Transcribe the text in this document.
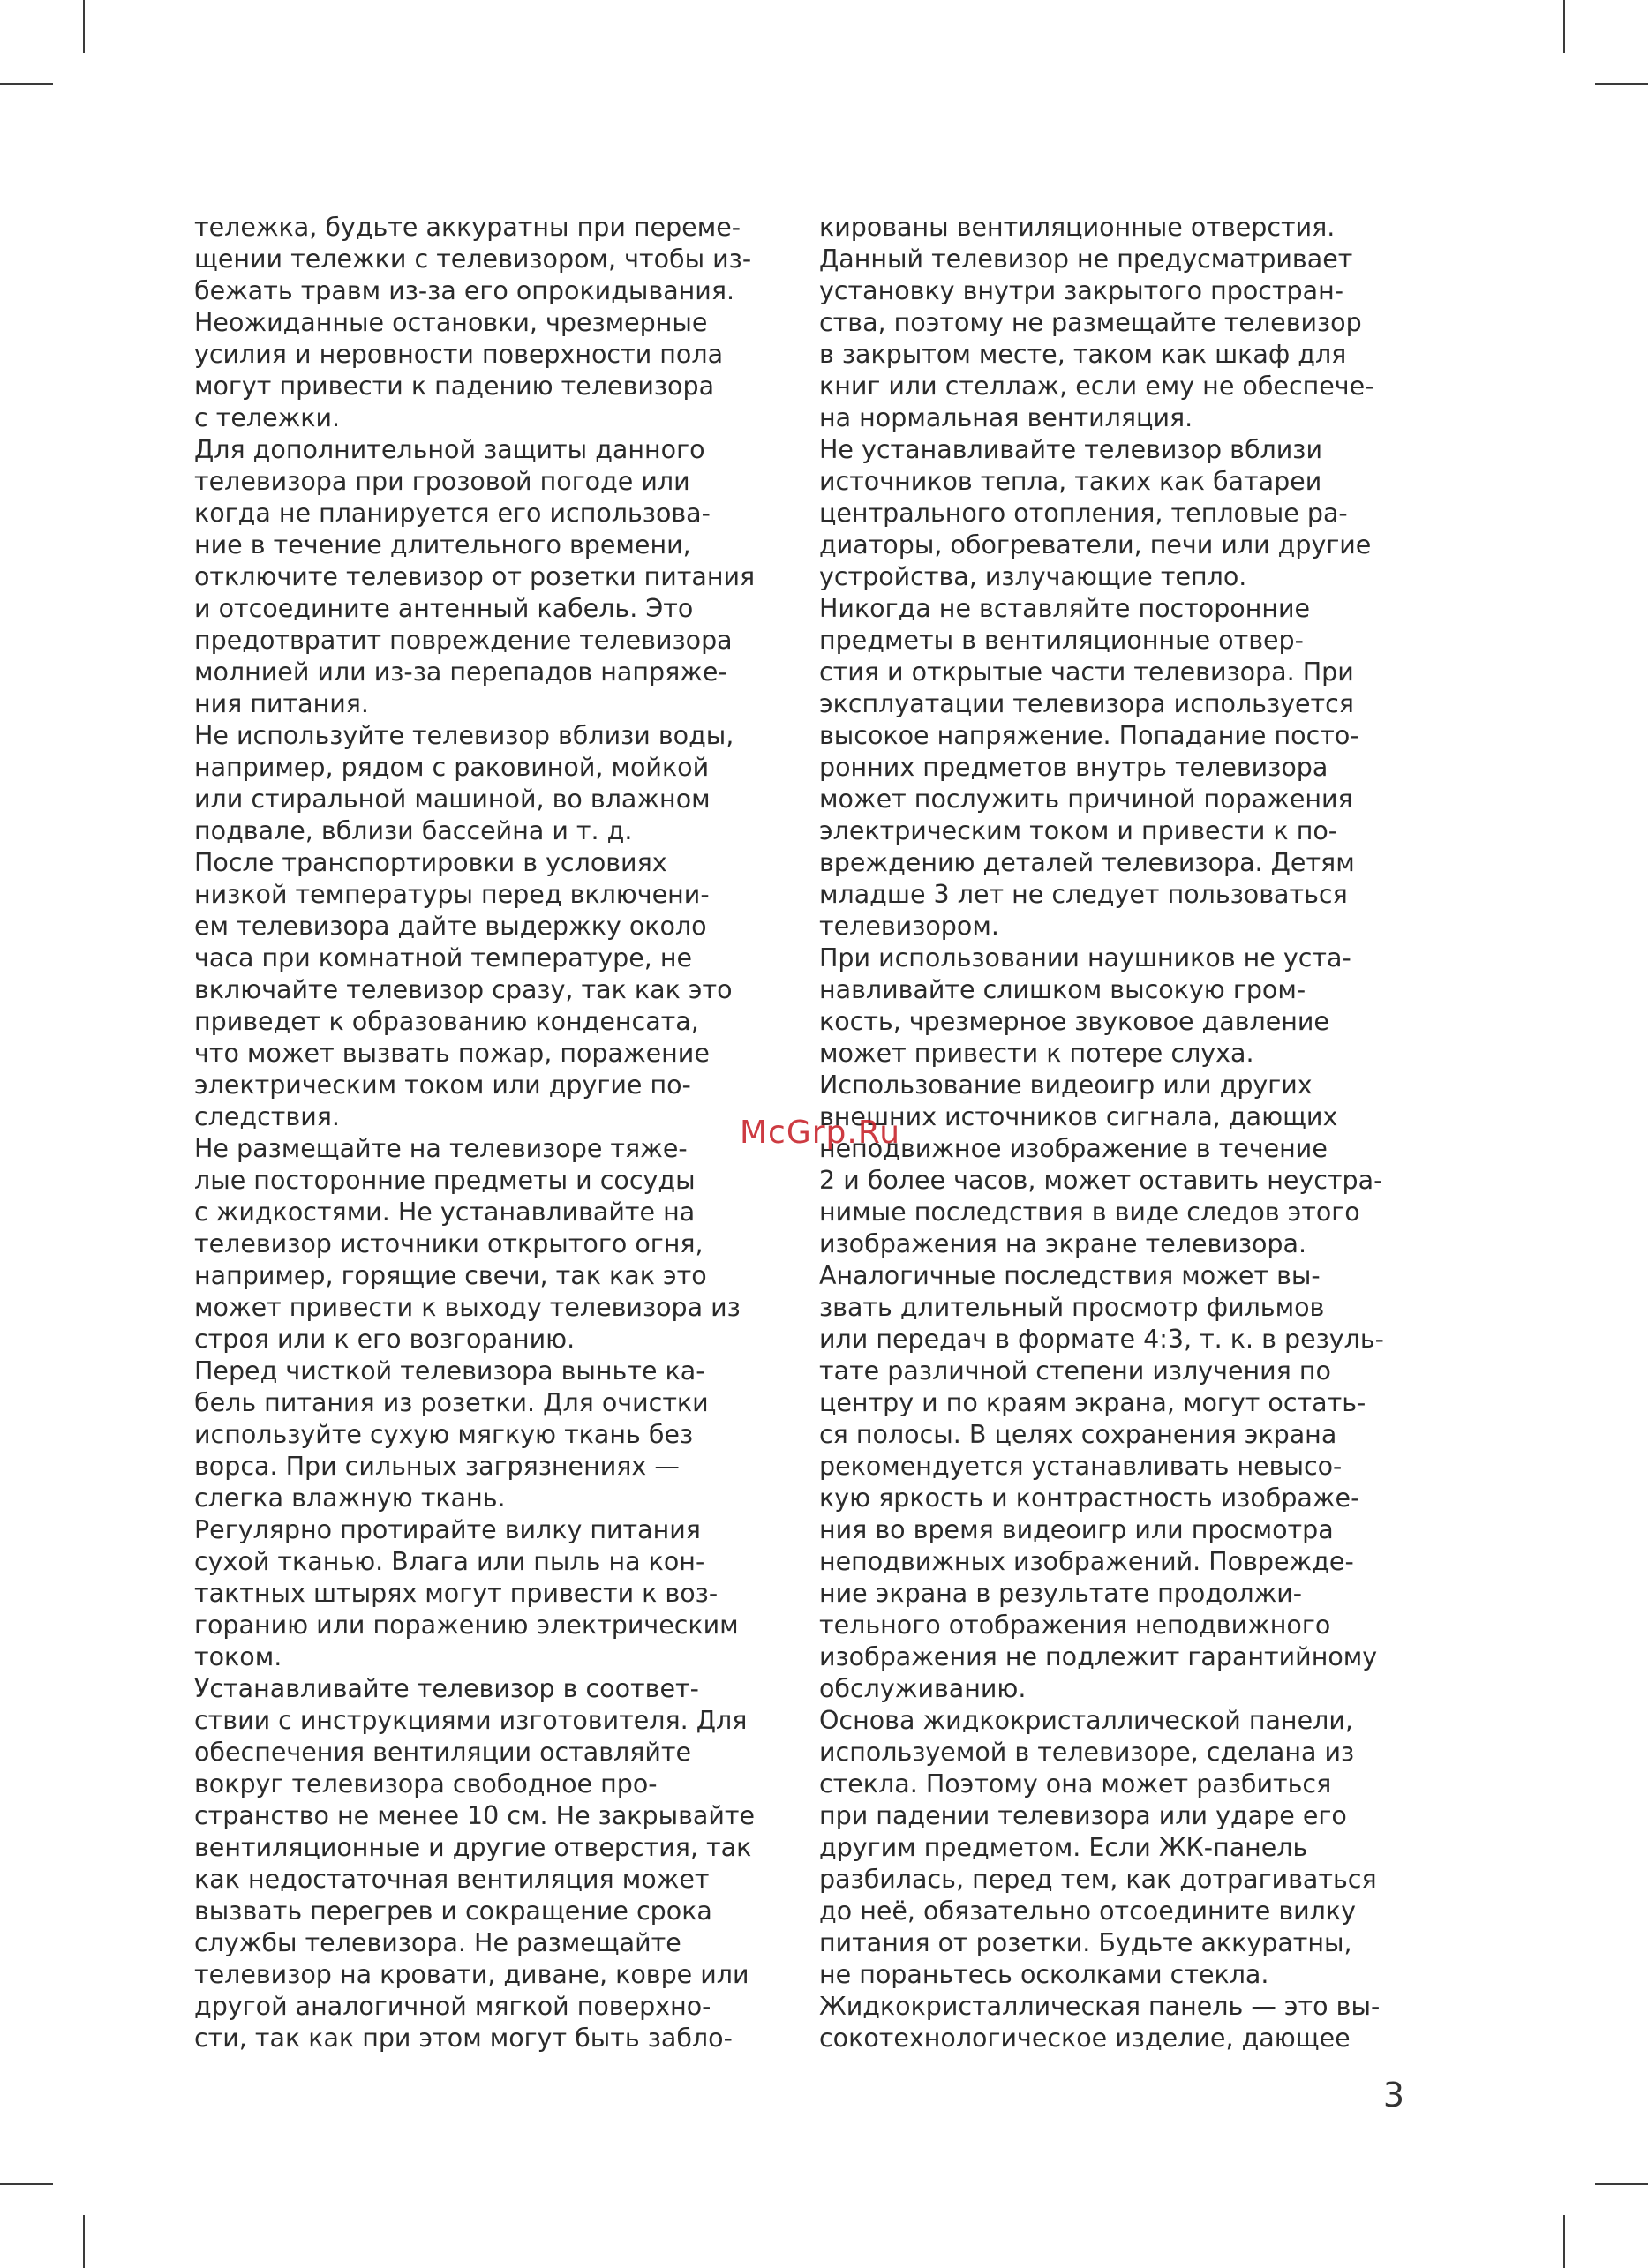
тележка, будьте аккуратны при переме-
щении тележки с телевизором, чтобы из-
бежать травм из-за его опрокидывания.
Неожиданные остановки, чрезмерные
усилия и неровности поверхности пола
могут привести к падению телевизора
с тележки.
Для дополнительной защиты данного
телевизора при грозовой погоде или
когда не планируется его использова-
ние в течение длительного времени,
отключите телевизор от розетки питания
и отсоедините антенный кабель. Это
предотвратит повреждение телевизора
молнией или из-за перепадов напряже-
ния питания.
Не используйте телевизор вблизи воды,
например, рядом с раковиной, мойкой
или стиральной машиной, во влажном
подвале, вблизи бассейна и т. д.
После транспортировки в условиях
низкой температуры перед включени-
ем телевизора дайте выдержку около
часа при комнатной температуре, не
включайте телевизор сразу, так как это
приведет к образованию конденсата,
что может вызвать пожар, поражение
электрическим током или другие по-
следствия.
Не размещайте на телевизоре тяже-
лые посторонние предметы и сосуды
с жидкостями. Не устанавливайте на
телевизор источники открытого огня,
например, горящие свечи, так как это
может привести к выходу телевизора из
строя или к его возгоранию.
Перед чисткой телевизора выньте ка-
бель питания из розетки. Для очистки
используйте сухую мягкую ткань без
ворса. При сильных загрязнениях —
слегка влажную ткань.
Регулярно протирайте вилку питания
сухой тканью. Влага или пыль на кон-
тактных штырях могут привести к воз-
горанию или поражению электрическим
током.
Устанавливайте телевизор в соответ-
ствии с инструкциями изготовителя. Для
обеспечения вентиляции оставляйте
вокруг телевизора свободное про-
странство не менее 10 см. Не закрывайте
вентиляционные и другие отверстия, так
как недостаточная вентиляция может
вызвать перегрев и сокращение срока
службы телевизора. Не размещайте
телевизор на кровати, диване, ковре или
другой аналогичной мягкой поверхно-
сти, так как при этом могут быть забло-
кированы вентиляционные отверстия.
Данный телевизор не предусматривает
установку внутри закрытого простран-
ства, поэтому не размещайте телевизор
в закрытом месте, таком как шкаф для
книг или стеллаж, если ему не обеспече-
на нормальная вентиляция.
Не устанавливайте телевизор вблизи
источников тепла, таких как батареи
центрального отопления, тепловые ра-
диаторы, обогреватели, печи или другие
устройства, излучающие тепло.
Никогда не вставляйте посторонние
предметы в вентиляционные отвер-
стия и открытые части телевизора. При
эксплуатации телевизора используется
высокое напряжение. Попадание посто-
ронних предметов внутрь телевизора
может послужить причиной поражения
электрическим током и привести к по-
вреждению деталей телевизора. Детям
младше 3 лет не следует пользоваться
телевизором.
При использовании наушников не уста-
навливайте слишком высокую гром-
кость, чрезмерное звуковое давление
может привести к потере слуха.
Использование видеоигр или других
внешних источников сигнала, дающих
неподвижное изображение в течение
2 и более часов, может оставить неустра-
нимые последствия в виде следов этого
изображения на экране телевизора.
Аналогичные последствия может вы-
звать длительный просмотр фильмов
или передач в формате 4:3, т. к. в резуль-
тате различной степени излучения по
центру и по краям экрана, могут остать-
ся полосы. В целях сохранения экрана
рекомендуется устанавливать невысо-
кую яркость и контрастность изображе-
ния во время видеоигр или просмотра
неподвижных изображений. Поврежде-
ние экрана в результате продолжи-
тельного отображения неподвижного
изображения не подлежит гарантийному
обслуживанию.
Основа жидкокристаллической панели,
используемой в телевизоре, сделана из
стекла. Поэтому она может разбиться
при падении телевизора или ударе его
другим предметом. Если ЖК-панель
разбилась, перед тем, как дотрагиваться
до неё, обязательно отсоедините вилку
питания от розетки. Будьте аккуратны,
не пораньтесь осколками стекла.
Жидкокристаллическая панель — это вы-
сокотехнологическое изделие, дающее
McGrp.Ru
3
